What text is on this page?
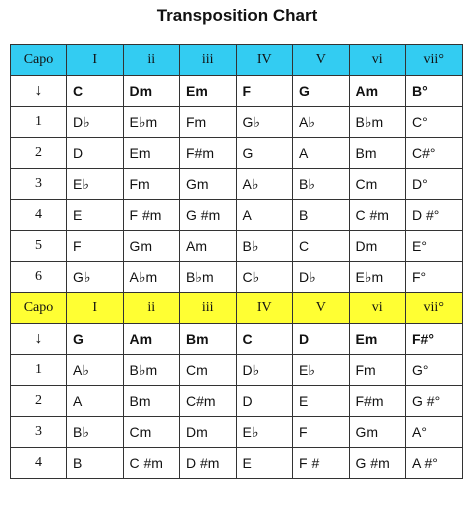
Transposition Chart
Capo	I	ii	iii	IV	V	vi	vii°
↓	C	Dm	Em	F	G	Am	B°
1	D♭	E♭m	Fm	G♭	A♭	B♭m	C°
2	D	Em	F#m	G	A	Bm	C#°
3	E♭	Fm	Gm	A♭	B♭	Cm	D°
4	E	F #m	G #m	A	B	C #m	D #°
5	F	Gm	Am	B♭	C	Dm	E°
6	G♭	A♭m	B♭m	C♭	D♭	E♭m	F°
Capo	I	ii	iii	IV	V	vi	vii°
↓	G	Am	Bm	C	D	Em	F#°
1	A♭	B♭m	Cm	D♭	E♭	Fm	G°
2	A	Bm	C#m	D	E	F#m	G #°
3	B♭	Cm	Dm	E♭	F	Gm	A°
4	B	C #m	D #m	E	F #	G #m	A #°
